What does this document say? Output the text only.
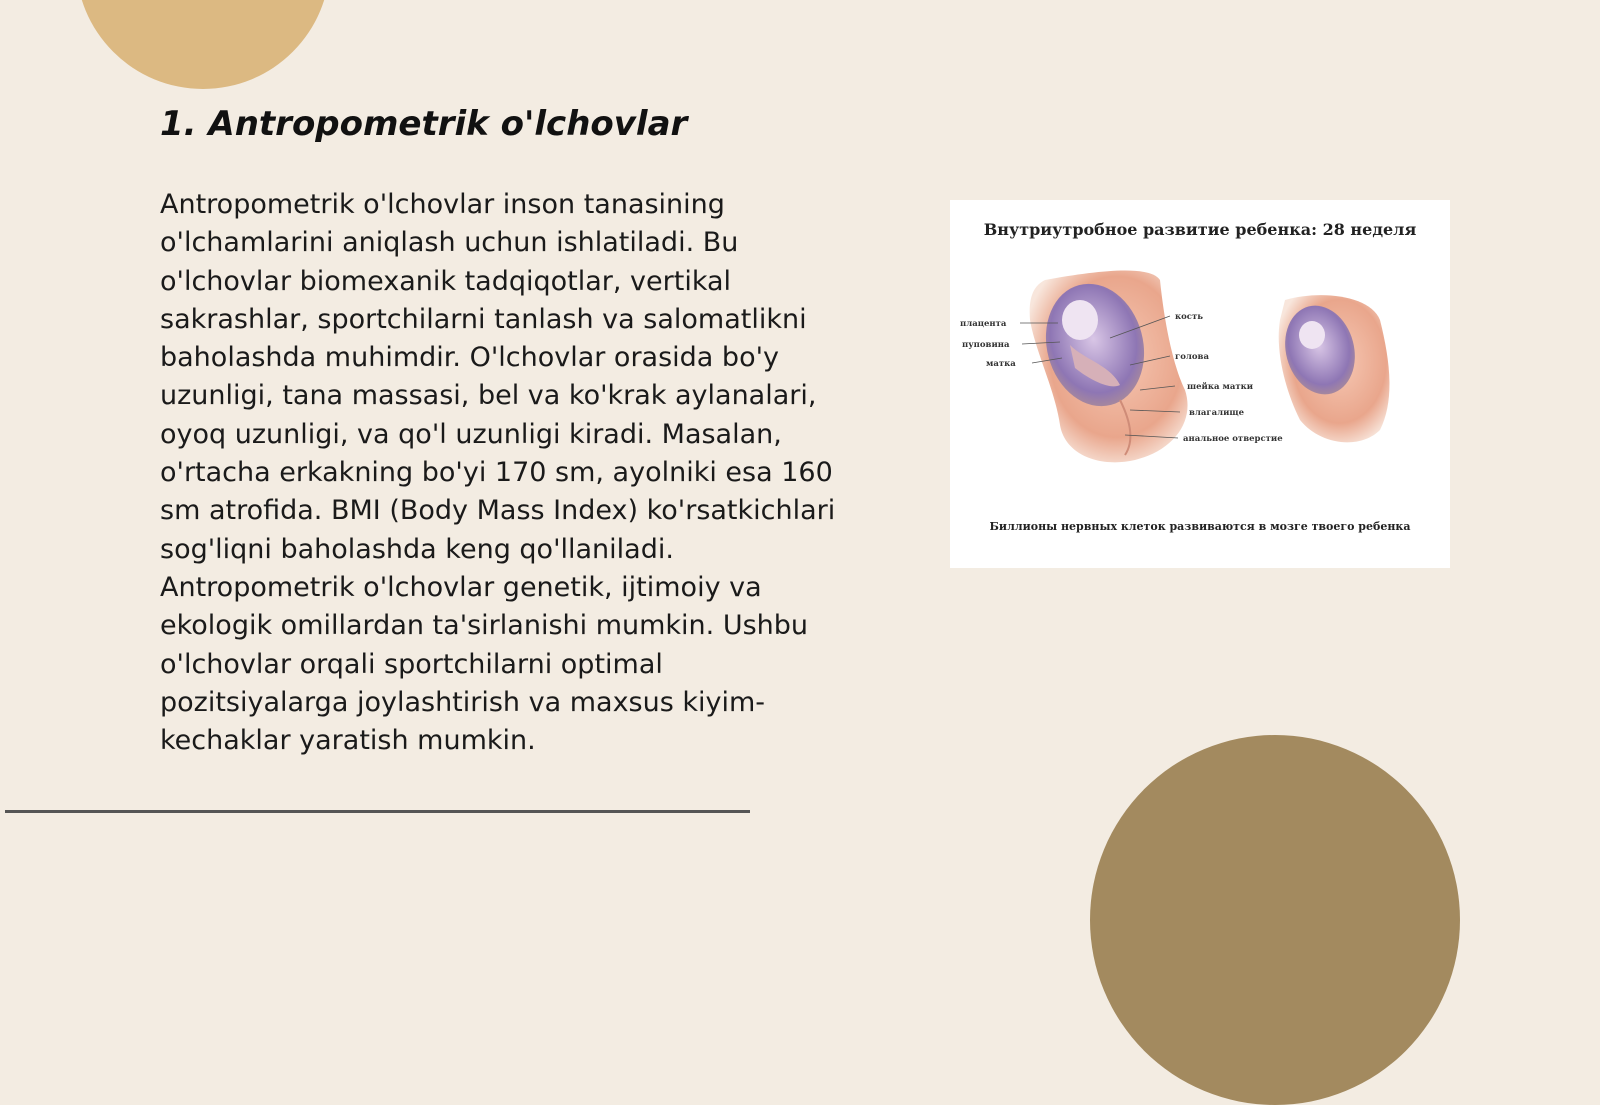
1. Antropometrik o'lchovlar
Antropometrik o'lchovlar inson tanasining o'lchamlarini aniqlash uchun ishlatiladi. Bu o'lchovlar biomexanik tadqiqotlar, vertikal sakrashlar, sportchilarni tanlash va salomatlikni baholashda muhimdir. O'lchovlar orasida bo'y uzunligi, tana massasi, bel va ko'krak aylanalari, oyoq uzunligi, va qo'l uzunligi kiradi. Masalan, o'rtacha erkakning bo'yi 170 sm, ayolniki esa 160 sm atrofida. BMI (Body Mass Index) ko'rsatkichlari sog'liqni baholashda keng qo'llaniladi. Antropometrik o'lchovlar genetik, ijtimoiy va ekologik omillardan ta'sirlanishi mumkin. Ushbu o'lchovlar orqali sportchilarni optimal pozitsiyalarga joylashtirish va maxsus kiyim-kechaklar yaratish mumkin.
Внутриутробное развитие ребенка: 28 неделя
плацента
пуповина
матка
кость
голова
шейка матки
влагалище
анальное отверстие
Биллионы нервных клеток развиваются в мозге твоего ребенка
